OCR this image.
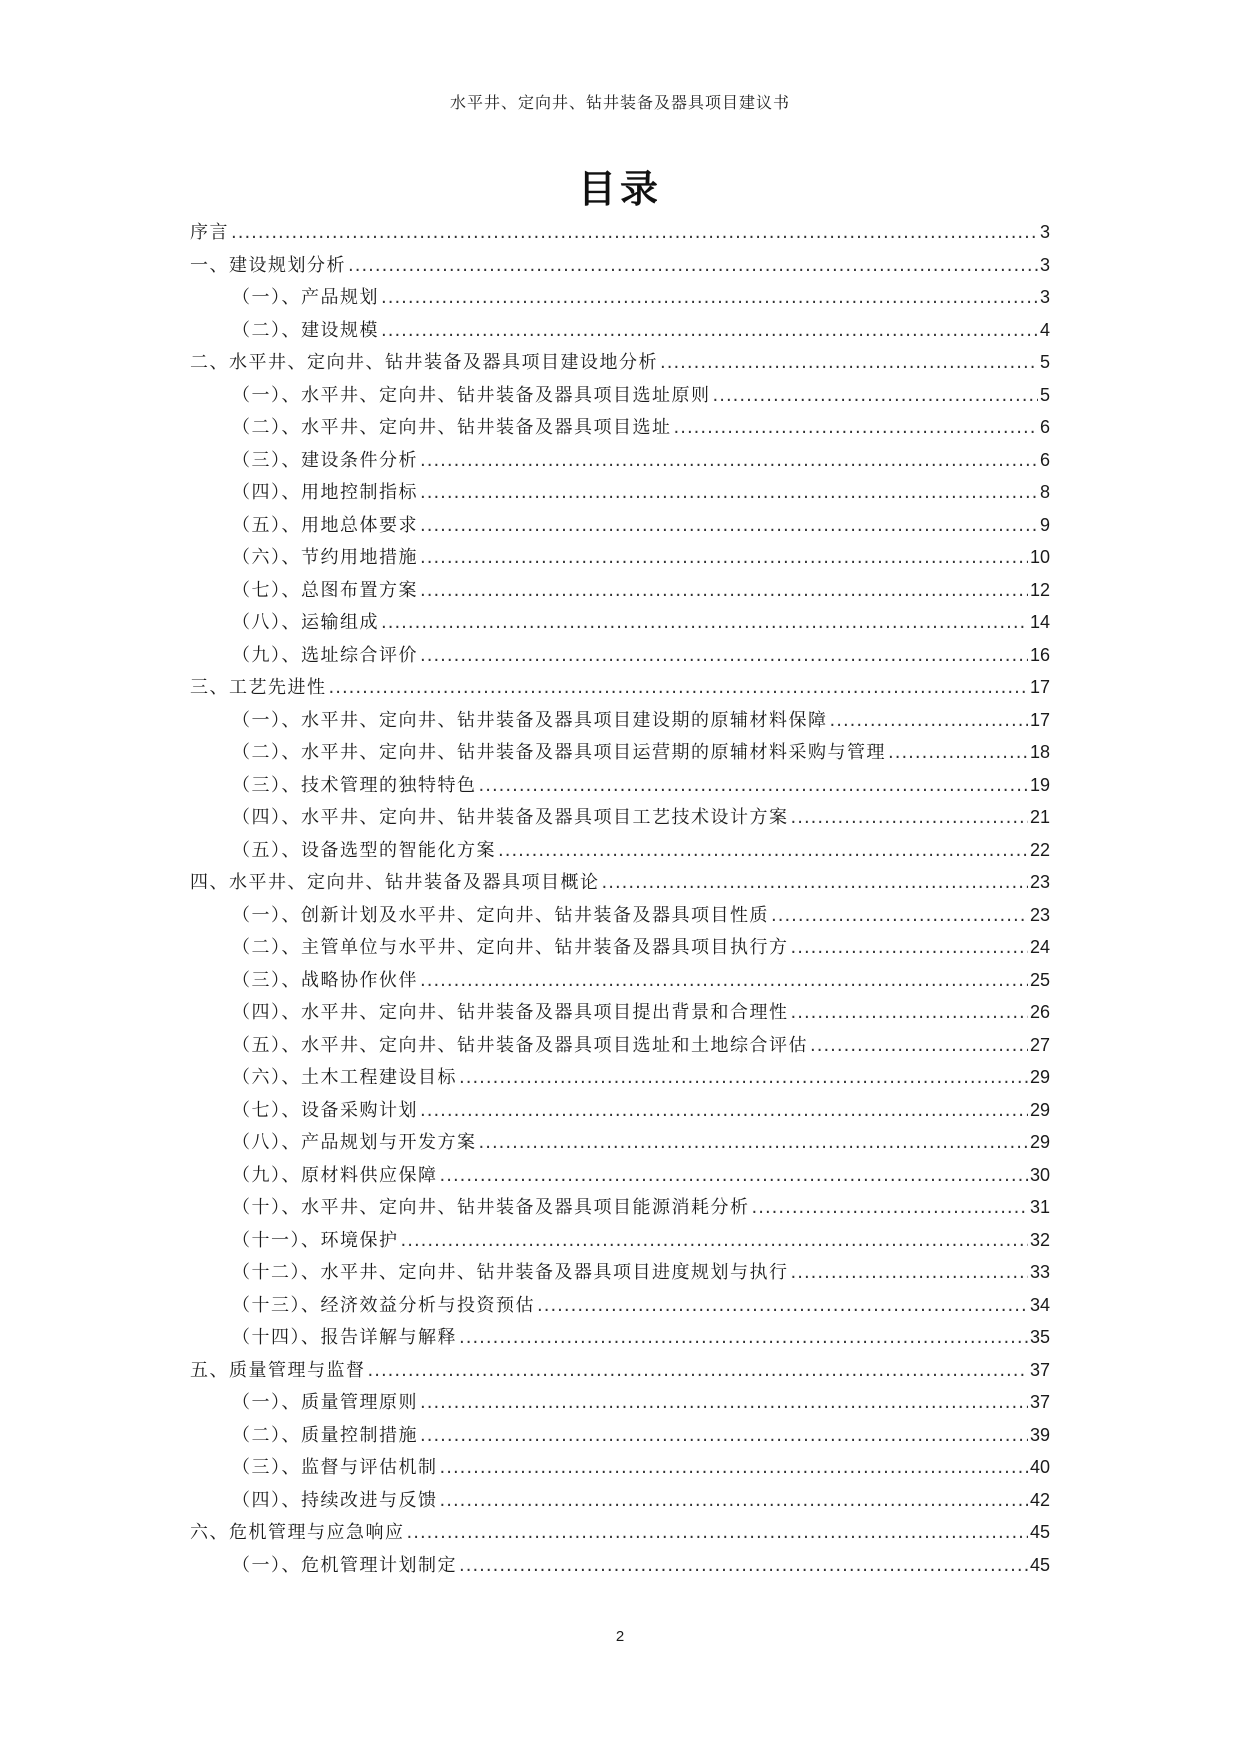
水平井、定向井、钻井装备及器具项目建议书
目录
序言 .....	3
一、建设规划分析 .....	3
（一）、产品规划 .....	3
（二）、建设规模 .....	4
二、水平井、定向井、钻井装备及器具项目建设地分析 .....	5
（一）、水平井、定向井、钻井装备及器具项目选址原则 .....	5
（二）、水平井、定向井、钻井装备及器具项目选址 .....	6
（三）、建设条件分析 .....	6
（四）、用地控制指标 .....	8
（五）、用地总体要求 .....	9
（六）、节约用地措施 .....	10
（七）、总图布置方案 .....	12
（八）、运输组成 .....	14
（九）、选址综合评价 .....	16
三、工艺先进性 .....	17
（一）、水平井、定向井、钻井装备及器具项目建设期的原辅材料保障 .....	17
（二）、水平井、定向井、钻井装备及器具项目运营期的原辅材料采购与管理 .....	18
（三）、技术管理的独特特色 .....	19
（四）、水平井、定向井、钻井装备及器具项目工艺技术设计方案 .....	21
（五）、设备选型的智能化方案 .....	22
四、水平井、定向井、钻井装备及器具项目概论 .....	23
（一）、创新计划及水平井、定向井、钻井装备及器具项目性质 .....	23
（二）、主管单位与水平井、定向井、钻井装备及器具项目执行方 .....	24
（三）、战略协作伙伴 .....	25
（四）、水平井、定向井、钻井装备及器具项目提出背景和合理性 .....	26
（五）、水平井、定向井、钻井装备及器具项目选址和土地综合评估 .....	27
（六）、土木工程建设目标 .....	29
（七）、设备采购计划 .....	29
（八）、产品规划与开发方案 .....	29
（九）、原材料供应保障 .....	30
（十）、水平井、定向井、钻井装备及器具项目能源消耗分析 .....	31
（十一）、环境保护 .....	32
（十二）、水平井、定向井、钻井装备及器具项目进度规划与执行 .....	33
（十三）、经济效益分析与投资预估 .....	34
（十四）、报告详解与解释 .....	35
五、质量管理与监督 .....	37
（一）、质量管理原则 .....	37
（二）、质量控制措施 .....	39
（三）、监督与评估机制 .....	40
（四）、持续改进与反馈 .....	42
六、危机管理与应急响应 .....	45
（一）、危机管理计划制定 .....	45
2
